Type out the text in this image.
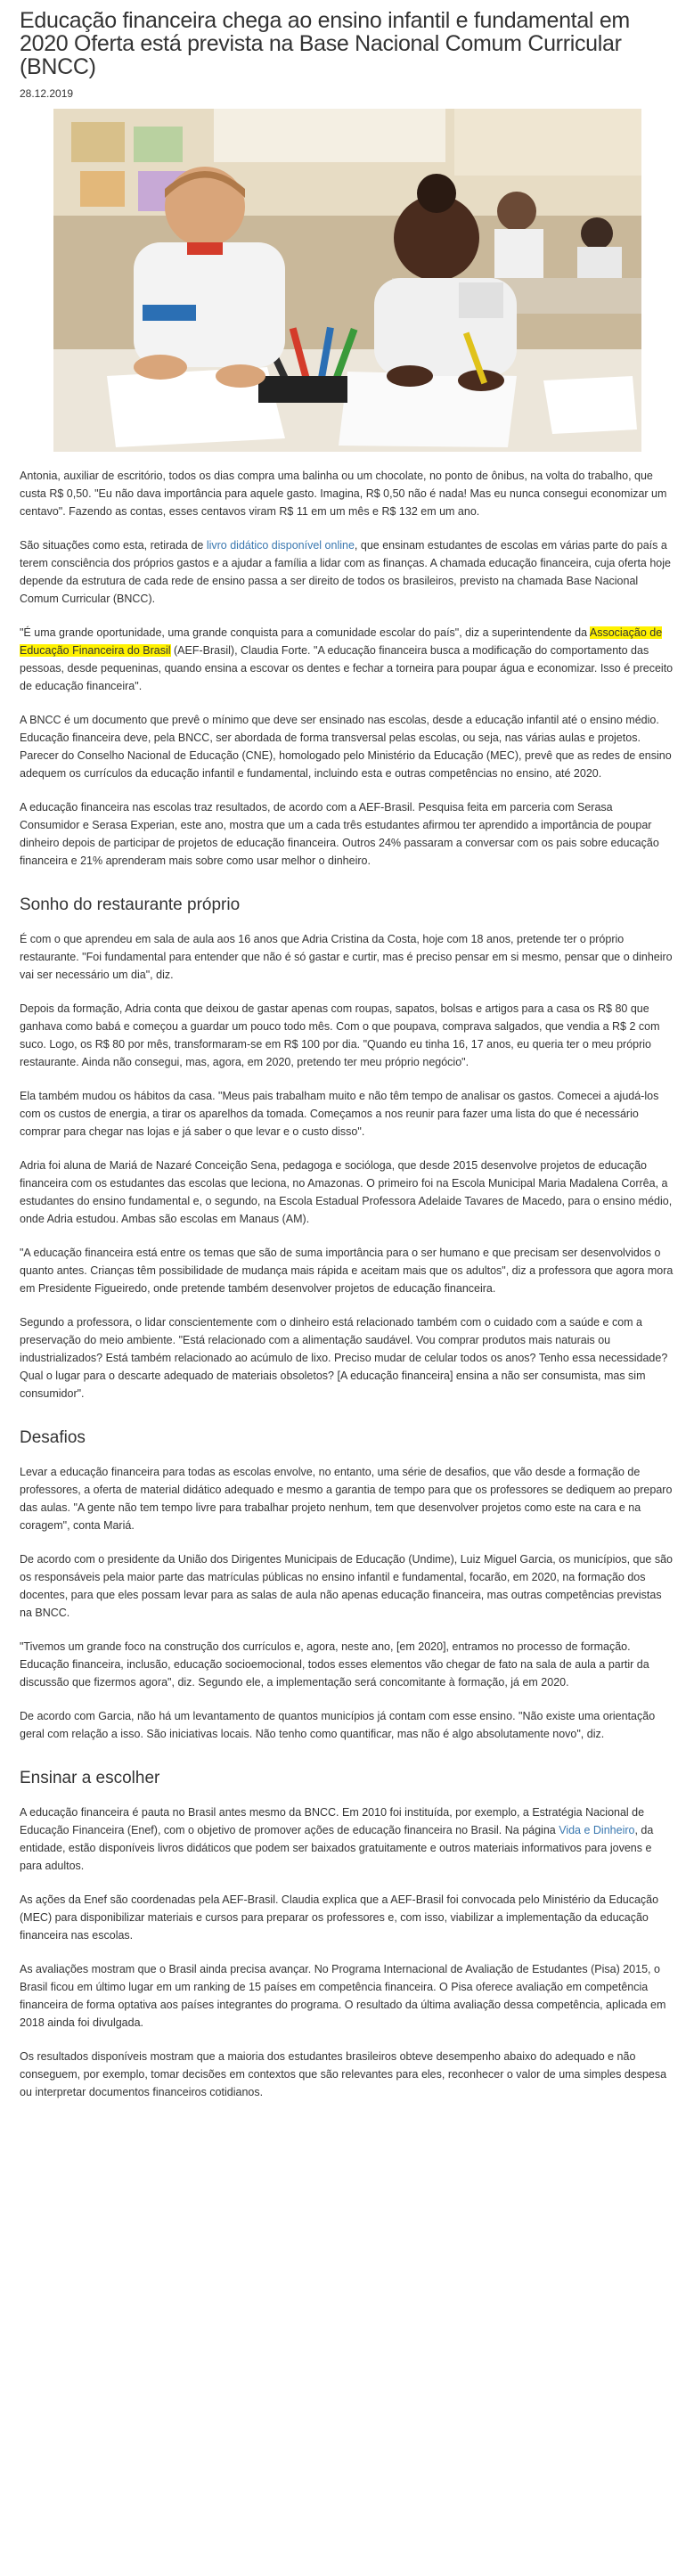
Educação financeira chega ao ensino infantil e fundamental em 2020 Oferta está prevista na Base Nacional Comum Curricular (BNCC)
28.12.2019

Antonia, auxiliar de escritório, todos os dias compra uma balinha ou um chocolate, no ponto de ônibus, na volta do trabalho, que custa R$ 0,50. "Eu não dava importância para aquele gasto. Imagina, R$ 0,50 não é nada! Mas eu nunca consegui economizar um centavo". Fazendo as contas, esses centavos viram R$ 11 em um mês e R$ 132 em um ano.

São situações como esta, retirada de livro didático disponível online, que ensinam estudantes de escolas em várias parte do país a terem consciência dos próprios gastos e a ajudar a família a lidar com as finanças. A chamada educação financeira, cuja oferta hoje depende da estrutura de cada rede de ensino passa a ser direito de todos os brasileiros, previsto na chamada Base Nacional Comum Curricular (BNCC).

"É uma grande oportunidade, uma grande conquista para a comunidade escolar do país", diz a superintendente da Associação de Educação Financeira do Brasil (AEF-Brasil), Claudia Forte. "A educação financeira busca a modificação do comportamento das pessoas, desde pequeninas, quando ensina a escovar os dentes e fechar a torneira para poupar água e economizar. Isso é preceito de educação financeira".

A BNCC é um documento que prevê o mínimo que deve ser ensinado nas escolas, desde a educação infantil até o ensino médio. Educação financeira deve, pela BNCC, ser abordada de forma transversal pelas escolas, ou seja, nas várias aulas e projetos. Parecer do Conselho Nacional de Educação (CNE), homologado pelo Ministério da Educação (MEC), prevê que as redes de ensino adequem os currículos da educação infantil e fundamental, incluindo esta e outras competências no ensino, até 2020.

A educação financeira nas escolas traz resultados, de acordo com a AEF-Brasil. Pesquisa feita em parceria com Serasa Consumidor e Serasa Experian, este ano, mostra que um a cada três estudantes afirmou ter aprendido a importância de poupar dinheiro depois de participar de projetos de educação financeira. Outros 24% passaram a conversar com os pais sobre educação financeira e 21% aprenderam mais sobre como usar melhor o dinheiro.

Sonho do restaurante próprio

É com o que aprendeu em sala de aula aos 16 anos que Adria Cristina da Costa, hoje com 18 anos, pretende ter o próprio restaurante. "Foi fundamental para entender que não é só gastar e curtir, mas é preciso pensar em si mesmo, pensar que o dinheiro vai ser necessário um dia", diz.

Depois da formação, Adria conta que deixou de gastar apenas com roupas, sapatos, bolsas e artigos para a casa os R$ 80 que ganhava como babá e começou a guardar um pouco todo mês. Com o que poupava, comprava salgados, que vendia a R$ 2 com suco. Logo, os R$ 80 por mês, transformaram-se em R$ 100 por dia. "Quando eu tinha 16, 17 anos, eu queria ter o meu próprio restaurante. Ainda não consegui, mas, agora, em 2020, pretendo ter meu próprio negócio".

Ela também mudou os hábitos da casa. "Meus pais trabalham muito e não têm tempo de analisar os gastos. Comecei a ajudá-los com os custos de energia, a tirar os aparelhos da tomada. Começamos a nos reunir para fazer uma lista do que é necessário comprar para chegar nas lojas e já saber o que levar e o custo disso".

Adria foi aluna de Mariá de Nazaré Conceição Sena, pedagoga e socióloga, que desde 2015 desenvolve projetos de educação financeira com os estudantes das escolas que leciona, no Amazonas. O primeiro foi na Escola Municipal Maria Madalena Corrêa, a estudantes do ensino fundamental e, o segundo, na Escola Estadual Professora Adelaide Tavares de Macedo, para o ensino médio, onde Adria estudou. Ambas são escolas em Manaus (AM).

"A educação financeira está entre os temas que são de suma importância para o ser humano e que precisam ser desenvolvidos o quanto antes. Crianças têm possibilidade de mudança mais rápida e aceitam mais que os adultos", diz a professora que agora mora em Presidente Figueiredo, onde pretende também desenvolver projetos de educação financeira.

Segundo a professora, o lidar conscientemente com o dinheiro está relacionado também com o cuidado com a saúde e com a preservação do meio ambiente. "Está relacionado com a alimentação saudável. Vou comprar produtos mais naturais ou industrializados? Está também relacionado ao acúmulo de lixo. Preciso mudar de celular todos os anos? Tenho essa necessidade? Qual o lugar para o descarte adequado de materiais obsoletos? [A educação financeira] ensina a não ser consumista, mas sim consumidor".

Desafios

Levar a educação financeira para todas as escolas envolve, no entanto, uma série de desafios, que vão desde a formação de professores, a oferta de material didático adequado e mesmo a garantia de tempo para que os professores se dediquem ao preparo das aulas. "A gente não tem tempo livre para trabalhar projeto nenhum, tem que desenvolver projetos como este na cara e na coragem", conta Mariá.

De acordo com o presidente da União dos Dirigentes Municipais de Educação (Undime), Luiz Miguel Garcia, os municípios, que são os responsáveis pela maior parte das matrículas públicas no ensino infantil e fundamental, focarão, em 2020, na formação dos docentes, para que eles possam levar para as salas de aula não apenas educação financeira, mas outras competências previstas na BNCC.

"Tivemos um grande foco na construção dos currículos e, agora, neste ano, [em 2020], entramos no processo de formação. Educação financeira, inclusão, educação socioemocional, todos esses elementos vão chegar de fato na sala de aula a partir da discussão que fizermos agora", diz. Segundo ele, a implementação será concomitante à formação, já em 2020.

De acordo com Garcia, não há um levantamento de quantos municípios já contam com esse ensino. "Não existe uma orientação geral com relação a isso. São iniciativas locais. Não tenho como quantificar, mas não é algo absolutamente novo", diz.

Ensinar a escolher

A educação financeira é pauta no Brasil antes mesmo da BNCC. Em 2010 foi instituída, por exemplo, a Estratégia Nacional de Educação Financeira (Enef), com o objetivo de promover ações de educação financeira no Brasil. Na página Vida e Dinheiro, da entidade, estão disponíveis livros didáticos que podem ser baixados gratuitamente e outros materiais informativos para jovens e para adultos.

As ações da Enef são coordenadas pela AEF-Brasil. Claudia explica que a AEF-Brasil foi convocada pelo Ministério da Educação (MEC) para disponibilizar materiais e cursos para preparar os professores e, com isso, viabilizar a implementação da educação financeira nas escolas.

As avaliações mostram que o Brasil ainda precisa avançar. No Programa Internacional de Avaliação de Estudantes (Pisa) 2015, o Brasil ficou em último lugar em um ranking de 15 países em competência financeira. O Pisa oferece avaliação em competência financeira de forma optativa aos países integrantes do programa. O resultado da última avaliação dessa competência, aplicada em 2018 ainda foi divulgada.

Os resultados disponíveis mostram que a maioria dos estudantes brasileiros obteve desempenho abaixo do adequado e não conseguem, por exemplo, tomar decisões em contextos que são relevantes para eles, reconhecer o valor de uma simples despesa ou interpretar documentos financeiros cotidianos.
